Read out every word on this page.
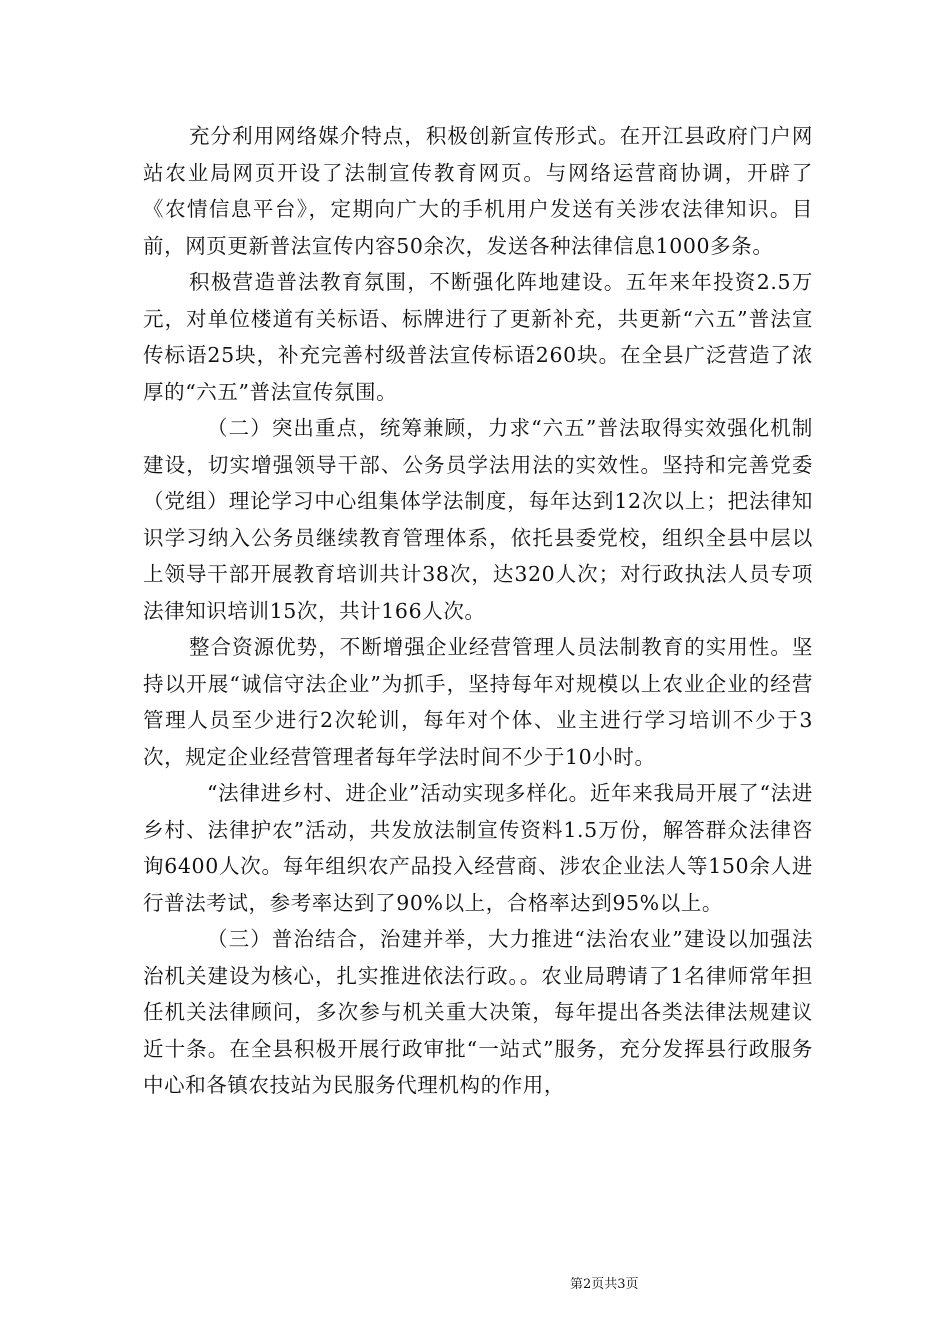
充分利用网络媒介特点，积极创新宣传形式。在开江县政府门户网站农业局网页开设了法制宣传教育网页。与网络运营商协调，开辟了《农情信息平台》，定期向广大的手机用户发送有关涉农法律知识。目前，网页更新普法宣传内容50余次，发送各种法律信息1000多条。

积极营造普法教育氛围，不断强化阵地建设。五年来年投资2.5万元，对单位楼道有关标语、标牌进行了更新补充，共更新“六五”普法宣传标语25块，补充完善村级普法宣传标语260块。在全县广泛营造了浓厚的“六五”普法宣传氛围。

（二）突出重点，统筹兼顾，力求“六五”普法取得实效强化机制建设，切实增强领导干部、公务员学法用法的实效性。坚持和完善党委（党组）理论学习中心组集体学法制度，每年达到12次以上；把法律知识学习纳入公务员继续教育管理体系，依托县委党校，组织全县中层以上领导干部开展教育培训共计38次，达320人次；对行政执法人员专项法律知识培训15次，共计166人次。

整合资源优势，不断增强企业经营管理人员法制教育的实用性。坚持以开展“诚信守法企业”为抓手，坚持每年对规模以上农业企业的经营管理人员至少进行2次轮训，每年对个体、业主进行学习培训不少于3次，规定企业经营管理者每年学法时间不少于10小时。

“法律进乡村、进企业”活动实现多样化。近年来我局开展了“法进乡村、法律护农”活动，共发放法制宣传资料1.5万份，解答群众法律咨询6400人次。每年组织农产品投入经营商、涉农企业法人等150余人进行普法考试，参考率达到了90%以上，合格率达到95%以上。

（三）普治结合，治建并举，大力推进“法治农业”建设以加强法治机关建设为核心，扎实推进依法行政。。农业局聘请了1名律师常年担任机关法律顾问，多次参与机关重大决策，每年提出各类法律法规建议近十条。在全县积极开展行政审批“一站式”服务，充分发挥县行政服务中心和各镇农技站为民服务代理机构的作用，

第2页共3页
